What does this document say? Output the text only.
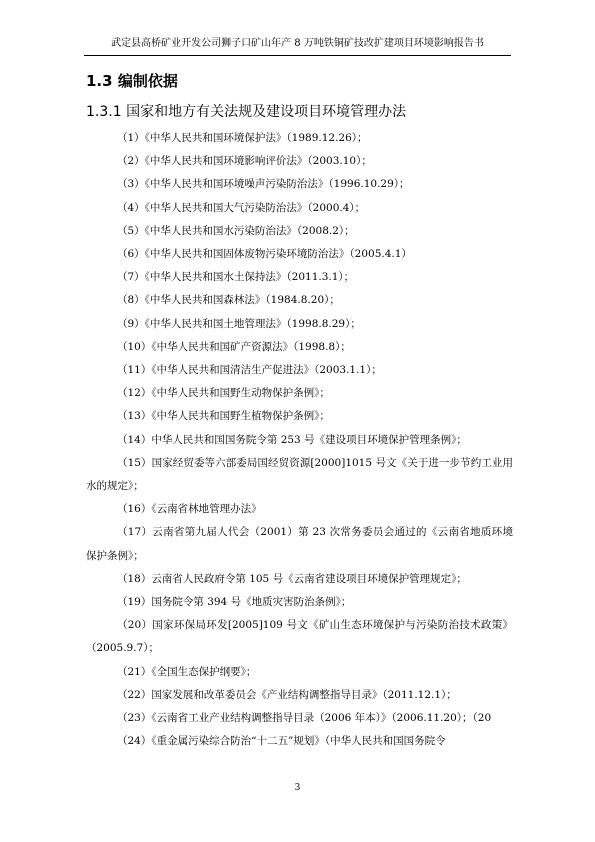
武定县高桥矿业开发公司狮子口矿山年产 8 万吨铁铜矿技改扩建项目环境影响报告书
1.3 编制依据
1.3.1 国家和地方有关法规及建设项目环境管理办法

（1）《中华人民共和国环境保护法》（1989.12.26）；

（2）《中华人民共和国环境影响评价法》（2003.10）；

（3）《中华人民共和国环境噪声污染防治法》（1996.10.29）；

（4）《中华人民共和国大气污染防治法》（2000.4）；

（5）《中华人民共和国水污染防治法》（2008.2）；

（6）《中华人民共和国固体废物污染环境防治法》（2005.4.1）

（7）《中华人民共和国水土保持法》（2011.3.1）；

（8）《中华人民共和国森林法》（1984.8.20）；

（9）《中华人民共和国土地管理法》（1998.8.29）；

（10）《中华人民共和国矿产资源法》（1998.8）；

（11）《中华人民共和国清洁生产促进法》（2003.1.1）；

（12）《中华人民共和国野生动物保护条例》；

（13）《中华人民共和国野生植物保护条例》；

（14）中华人民共和国国务院令第 253 号《建设项目环境保护管理条例》；

（15）国家经贸委等六部委局国经贸资源[2000]1015 号文《关于进一步节约工业用水的规定》；

（16）《云南省林地管理办法》

（17）云南省第九届人代会（2001）第 23 次常务委员会通过的《云南省地质环境保护条例》；

（18）云南省人民政府令第 105 号《云南省建设项目环境保护管理规定》；

（19）国务院令第 394 号《地质灾害防治条例》；

（20）国家环保局环发[2005]109 号文《矿山生态环境保护与污染防治技术政策》（2005.9.7）；

（21）《全国生态保护纲要》；

（22）国家发展和改革委员会《产业结构调整指导目录》（2011.12.1）；

（23）《云南省工业产业结构调整指导目录（2006 年本）》（2006.11.20）；（20

（24）《重金属污染综合防治“十二五”规划》（中华人民共和国国务院令

3
